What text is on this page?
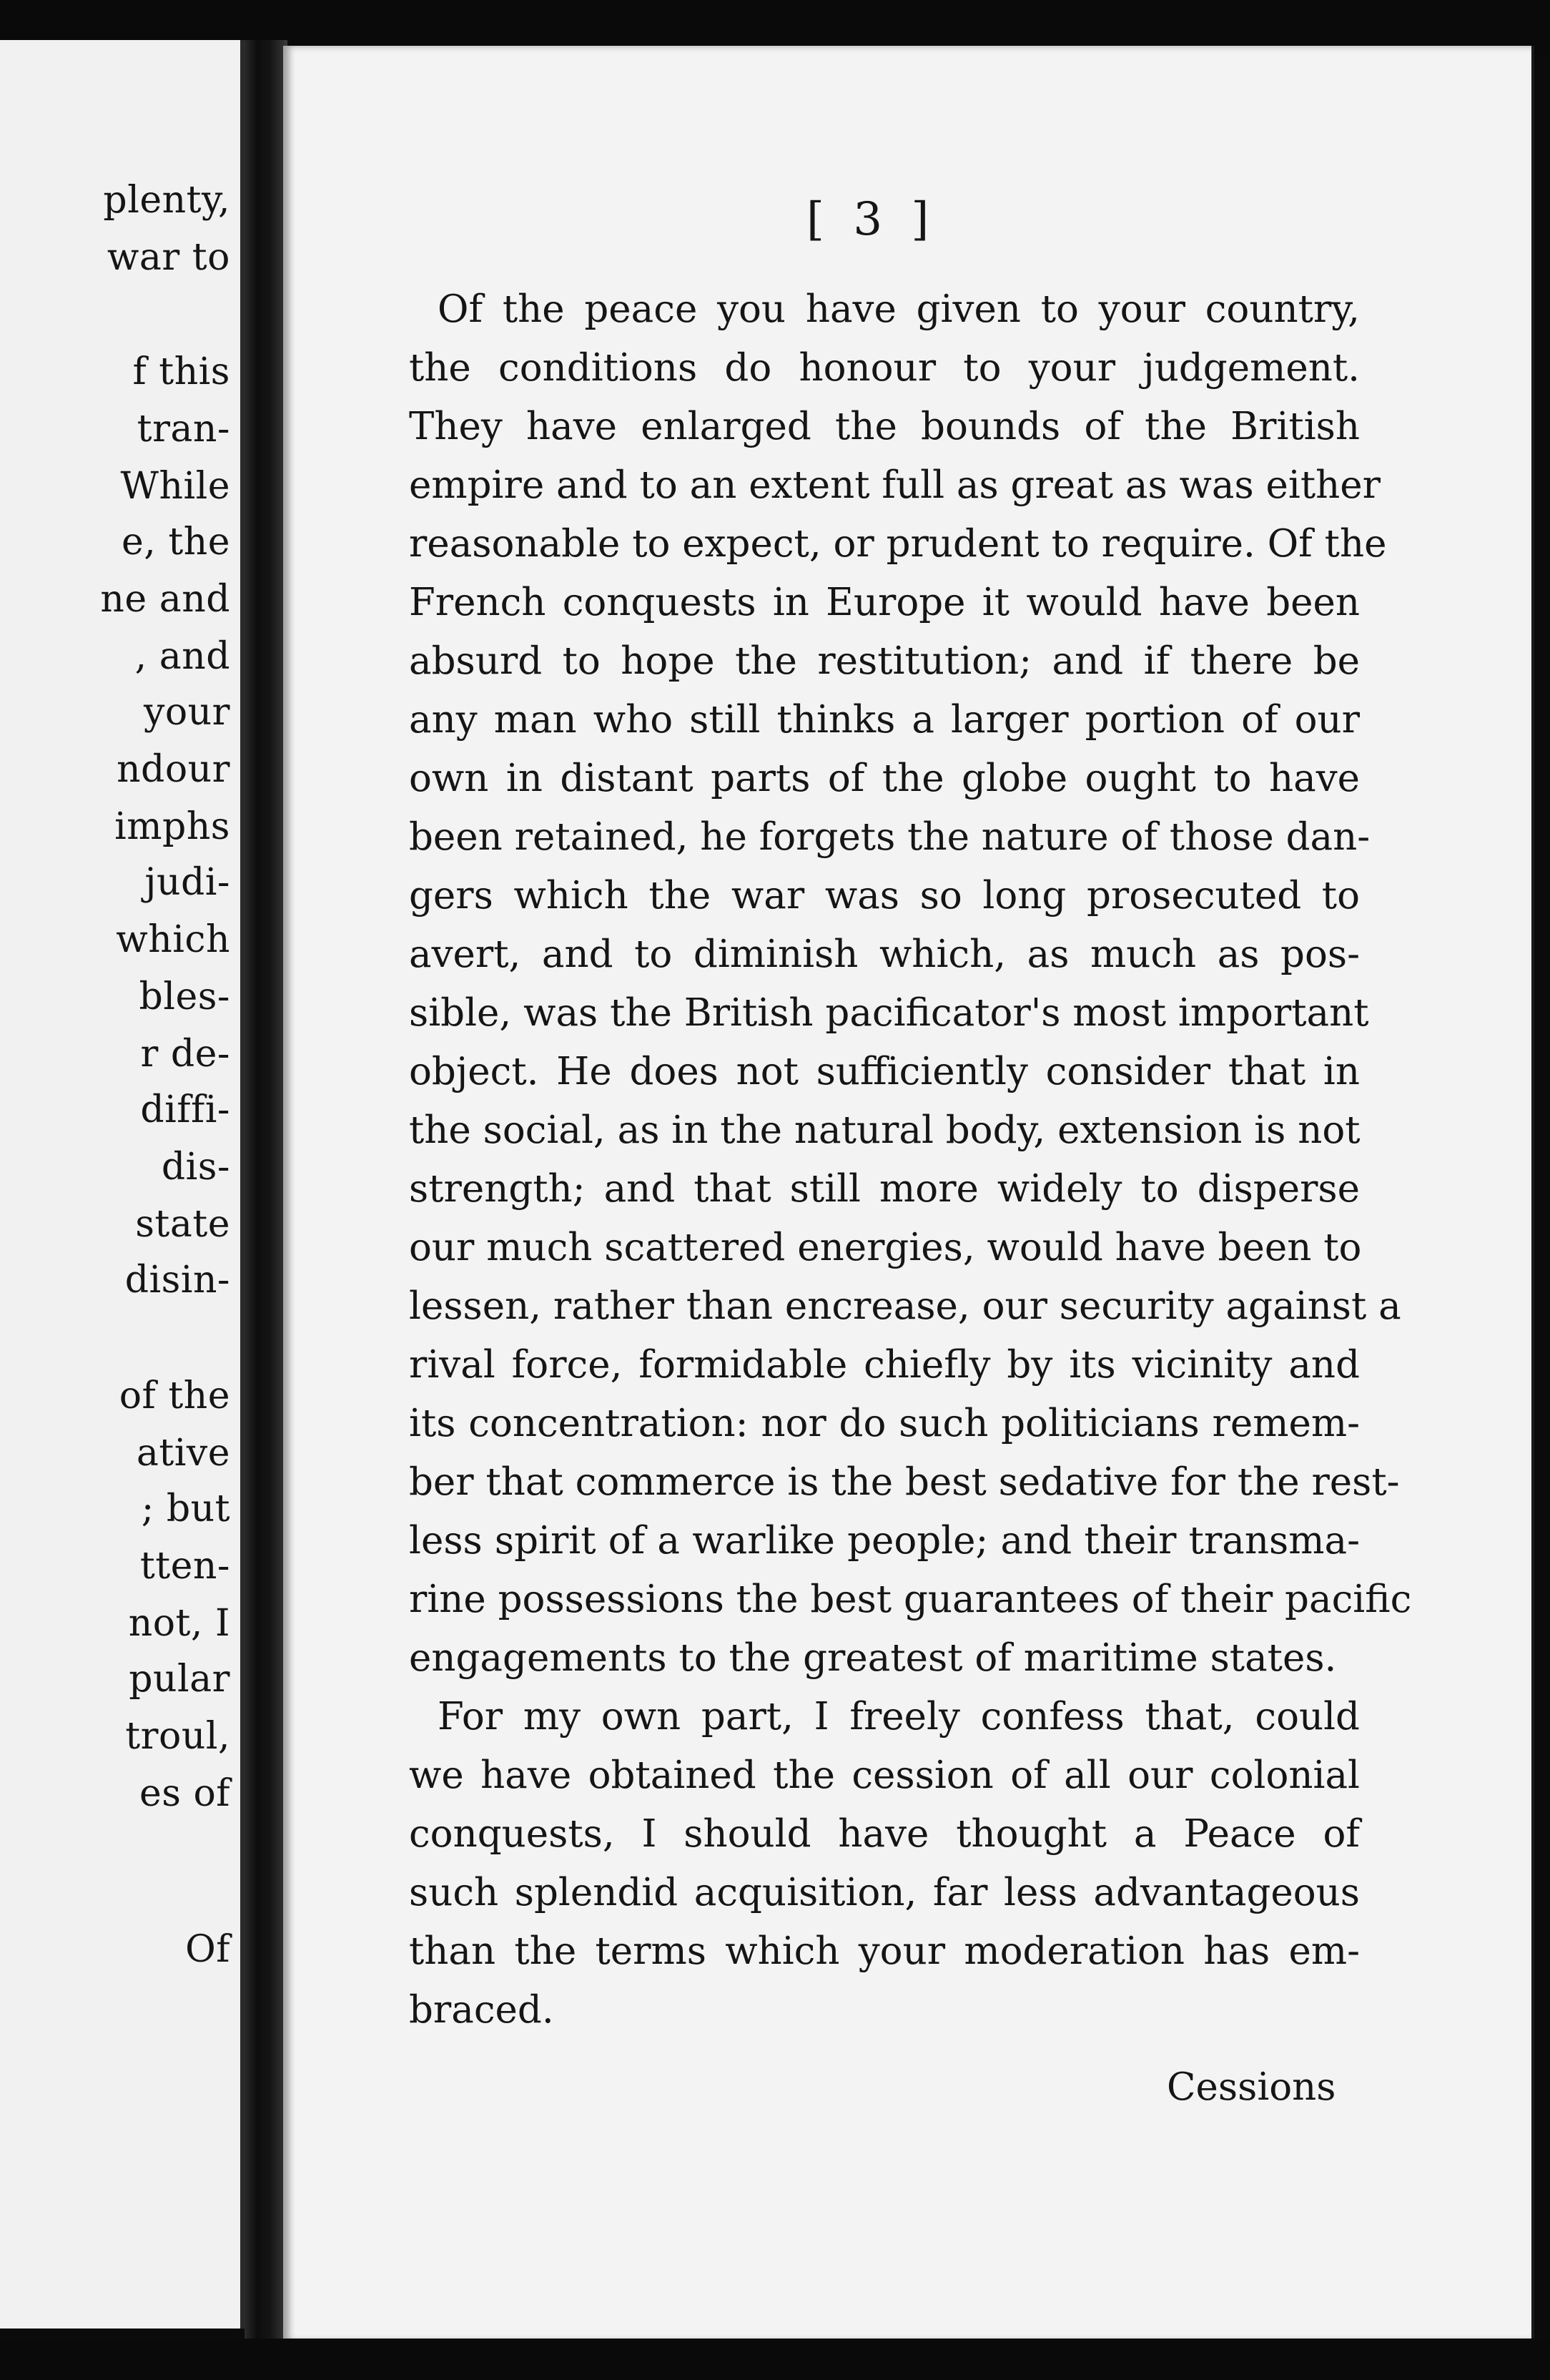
plenty,
war to
f this
tran-
While
e, the
ne and
, and
your
ndour
imphs
judi-
which
bles-
r de-
diffi-
dis-
state
disin-
of the
ative
; but
tten-
not, I
pular
troul,
es of
Of
[ 3 ]
Of the peace you have given to your country,
the conditions do honour to your judgement.
They have enlarged the bounds of the British
empire and to an extent full as great as was either
reasonable to expect, or prudent to require. Of the
French conquests in Europe it would have been
absurd to hope the restitution; and if there be
any man who still thinks a larger portion of our
own in distant parts of the globe ought to have
been retained, he forgets the nature of those dan-
gers which the war was so long prosecuted to
avert, and to diminish which, as much as pos-
sible, was the British pacificator's most important
object. He does not sufficiently consider that in
the social, as in the natural body, extension is not
strength; and that still more widely to disperse
our much scattered energies, would have been to
lessen, rather than encrease, our security against a
rival force, formidable chiefly by its vicinity and
its concentration: nor do such politicians remem-
ber that commerce is the best sedative for the rest-
less spirit of a warlike people; and their transma-
rine possessions the best guarantees of their pacific
engagements to the greatest of maritime states.
For my own part, I freely confess that, could
we have obtained the cession of all our colonial
conquests, I should have thought a Peace of
such splendid acquisition, far less advantageous
than the terms which your moderation has em-
braced.
Cessions
